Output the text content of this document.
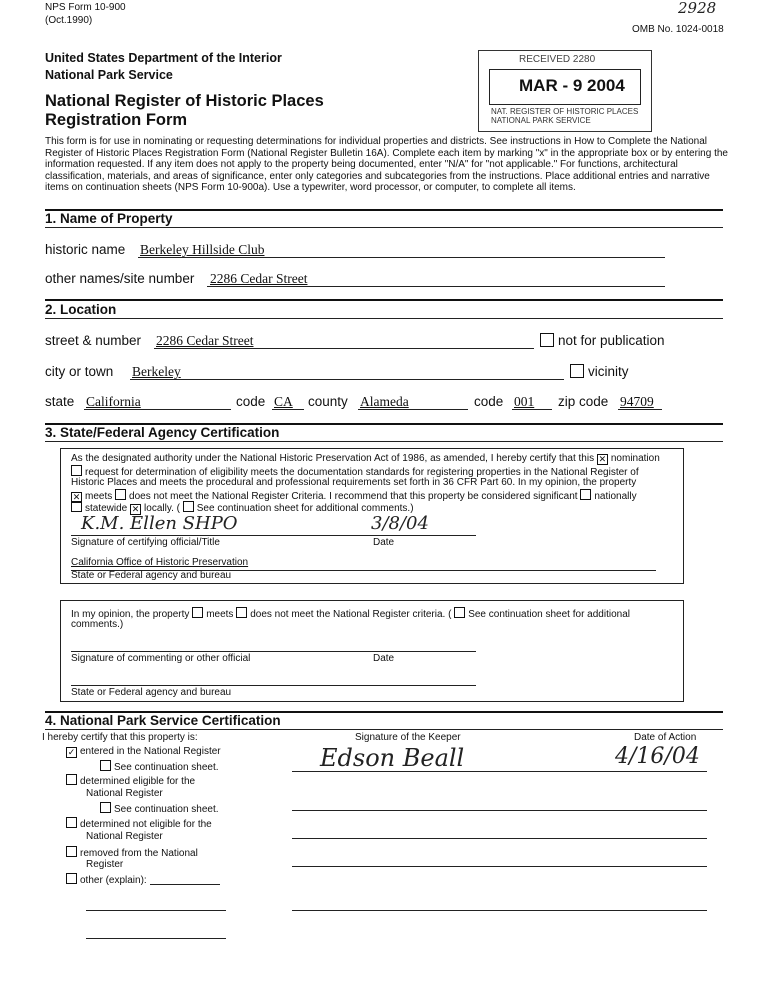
NPS Form 10-900
(Oct.1990)
OMB No. 1024-0018
2928
United States Department of the Interior
National Park Service
National Register of Historic Places
Registration Form
RECEIVED 2280
MAR - 9 2004
NAT. REGISTER OF HISTORIC PLACES NATIONAL PARK SERVICE
This form is for use in nominating or requesting determinations for individual properties and districts. See instructions in How to Complete the National Register of Historic Places Registration Form (National Register Bulletin 16A). Complete each item by marking "x" in the appropriate box or by entering the information requested. If any item does not apply to the property being documented, enter "N/A" for "not applicable." For functions, architectural classification, materials, and areas of significance, enter only categories and subcategories from the instructions. Place additional entries and narrative items on continuation sheets (NPS Form 10-900a). Use a typewriter, word processor, or computer, to complete all items.
1. Name of Property
historic name Berkeley Hillside Club
other names/site number 2286 Cedar Street
2. Location
street & number 2286 Cedar Street	not for publication
city or town Berkeley	vicinity
state California	code CA county Alameda	code 001 zip code 94709
3. State/Federal Agency Certification
As the designated authority under the National Historic Preservation Act of 1986, as amended, I hereby certify that this ✕ nomination
request for determination of eligibility meets the documentation standards for registering properties in the National Register of
Historic Places and meets the procedural and professional requirements set forth in 36 CFR Part 60. In my opinion, the property
✕ meets does not meet the National Register Criteria. I recommend that this property be considered significant nationally
statewide ✕ locally. ( See continuation sheet for additional comments.)
K.M. Ellen SHPO	3/8/04
Signature of certifying official/Title	Date
California Office of Historic Preservation
State or Federal agency and bureau
In my opinion, the property meets does not meet the National Register criteria. ( See continuation sheet for additional
comments.)
Signature of commenting or other official	Date
State or Federal agency and bureau
4. National Park Service Certification
I hereby certify that this property is:
✓ entered in the National Register
See continuation sheet.
determined eligible for the
National Register
See continuation sheet.
determined not eligible for the
National Register
removed from the National
Register
other (explain):
Signature of the Keeper	Date of Action
Edson Beall	4/16/04
